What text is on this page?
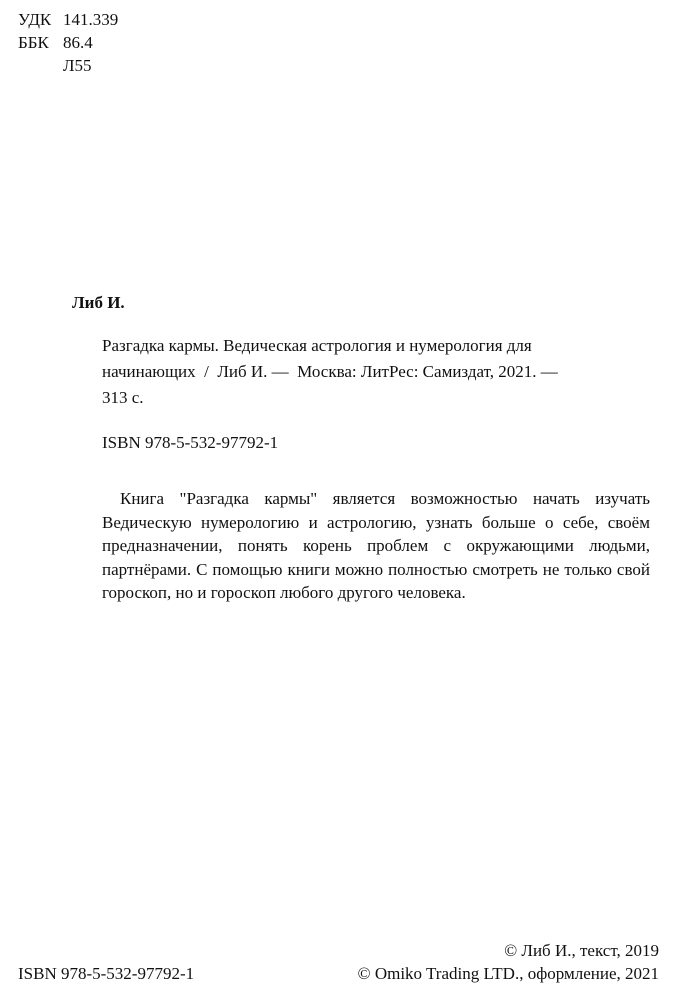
УДК 141.339
ББК 86.4
Л55
Либ И.
Разгадка кармы. Ведическая астрология и нумерология для
начинающих  /  Либ И. —  Москва: ЛитРес: Самиздат, 2021. —
313 с.
ISBN 978-5-532-97792-1
Книга "Разгадка кармы" является возможностью начать изучать Ведическую нумерологию и астрологию, узнать больше о себе, своём предназначении, понять корень проблем с окружающими людьми, партнёрами. С помощью книги можно полностью смотреть не только свой гороскоп, но и гороскоп любого другого человека.
ISBN 978-5-532-97792-1
© Либ И., текст, 2019
© Omiko Trading LTD., оформление, 2021
